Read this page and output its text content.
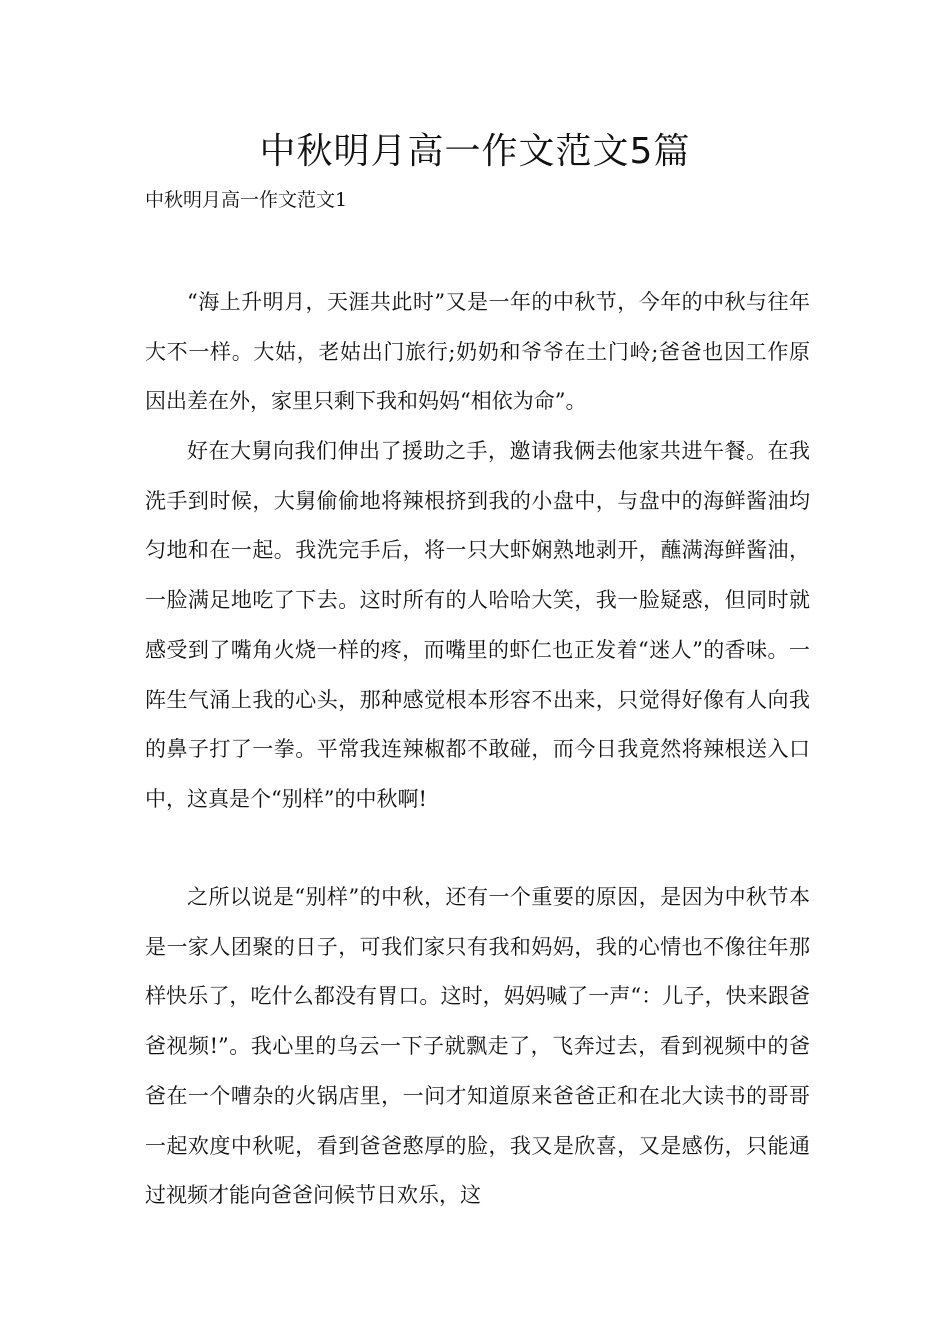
中秋明月高一作文范文5篇

中秋明月高一作文范文1

“海上升明月，天涯共此时”又是一年的中秋节，今年的中秋与往年大不一样。大姑，老姑出门旅行;奶奶和爷爷在土门岭;爸爸也因工作原因出差在外，家里只剩下我和妈妈“相依为命”。

好在大舅向我们伸出了援助之手，邀请我俩去他家共进午餐。在我洗手到时候，大舅偷偷地将辣根挤到我的小盘中，与盘中的海鲜酱油均匀地和在一起。我洗完手后，将一只大虾娴熟地剥开，蘸满海鲜酱油，一脸满足地吃了下去。这时所有的人哈哈大笑，我一脸疑惑，但同时就感受到了嘴角火烧一样的疼，而嘴里的虾仁也正发着“迷人”的香味。一阵生气涌上我的心头，那种感觉根本形容不出来，只觉得好像有人向我的鼻子打了一拳。平常我连辣椒都不敢碰，而今日我竟然将辣根送入口中，这真是个“别样”的中秋啊!

之所以说是“别样”的中秋，还有一个重要的原因，是因为中秋节本是一家人团聚的日子，可我们家只有我和妈妈，我的心情也不像往年那样快乐了，吃什么都没有胃口。这时，妈妈喊了一声“：儿子，快来跟爸爸视频!”。我心里的乌云一下子就飘走了，飞奔过去，看到视频中的爸爸在一个嘈杂的火锅店里，一问才知道原来爸爸正和在北大读书的哥哥一起欢度中秋呢，看到爸爸憨厚的脸，我又是欣喜，又是感伤，只能通过视频才能向爸爸问候节日欢乐，这
